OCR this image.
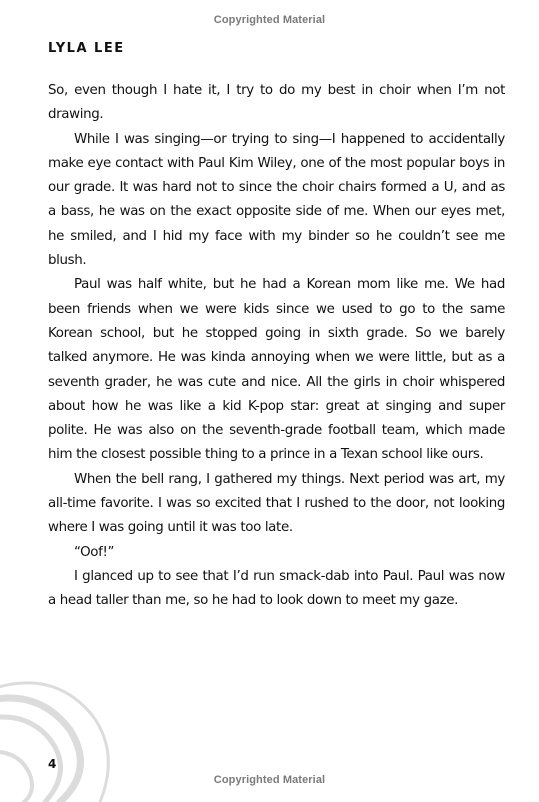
Copyrighted Material
LYLA LEE

So, even though I hate it, I try to do my best in choir when I’m not drawing.

While I was singing—or trying to sing—I happened to accidentally make eye contact with Paul Kim Wiley, one of the most popular boys in our grade. It was hard not to since the choir chairs formed a U, and as a bass, he was on the exact opposite side of me. When our eyes met, he smiled, and I hid my face with my binder so he couldn’t see me blush.

Paul was half white, but he had a Korean mom like me. We had been friends when we were kids since we used to go to the same Korean school, but he stopped going in sixth grade. So we barely talked anymore. He was kinda annoying when we were little, but as a seventh grader, he was cute and nice. All the girls in choir whispered about how he was like a kid K-pop star: great at singing and super polite. He was also on the seventh-grade football team, which made him the closest possible thing to a prince in a Texan school like ours.

When the bell rang, I gathered my things. Next period was art, my all-time favorite. I was so excited that I rushed to the door, not looking where I was going until it was too late.

“Oof!”

I glanced up to see that I’d run smack-dab into Paul. Paul was now a head taller than me, so he had to look down to meet my gaze.

4
Copyrighted Material
